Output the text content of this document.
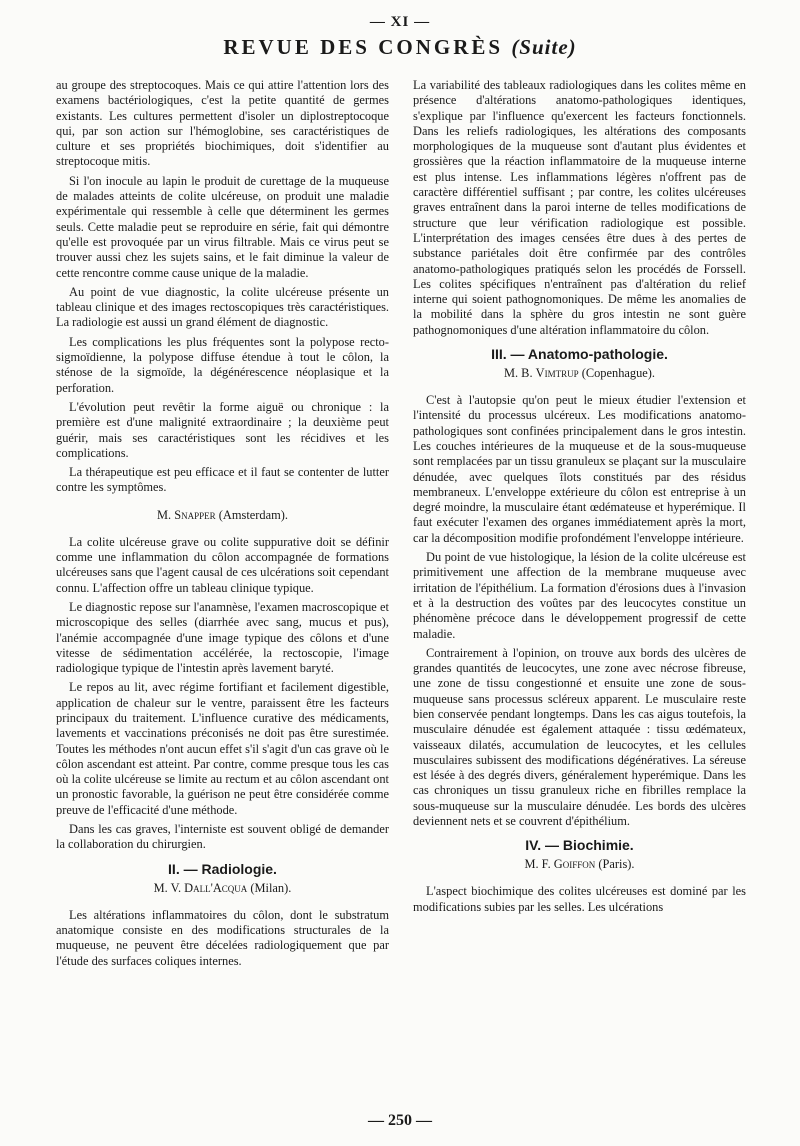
— XI —
REVUE DES CONGRÈS (Suite)

au groupe des streptocoques. Mais ce qui attire l'attention lors des examens bactériologiques, c'est la petite quantité de germes existants. Les cultures permettent d'isoler un diplostreptocoque qui, par son action sur l'hémoglobine, ses caractéristiques de culture et ses propriétés biochimiques, doit s'identifier au streptocoque mitis.

Si l'on inocule au lapin le produit de curettage de la muqueuse de malades atteints de colite ulcéreuse, on produit une maladie expérimentale qui ressemble à celle que déterminent les germes seuls. Cette maladie peut se reproduire en série, fait qui démontre qu'elle est provoquée par un virus filtrable. Mais ce virus peut se trouver aussi chez les sujets sains, et le fait diminue la valeur de cette rencontre comme cause unique de la maladie.

Au point de vue diagnostic, la colite ulcéreuse présente un tableau clinique et des images rectoscopiques très caractéristiques. La radiologie est aussi un grand élément de diagnostic.

Les complications les plus fréquentes sont la polypose recto-sigmoïdienne, la polypose diffuse étendue à tout le côlon, la sténose de la sigmoïde, la dégénérescence néoplasique et la perforation.

L'évolution peut revêtir la forme aiguë ou chronique : la première est d'une malignité extraordinaire ; la deuxième peut guérir, mais ses caractéristiques sont les récidives et les complications.

La thérapeutique est peu efficace et il faut se contenter de lutter contre les symptômes.

M. Snapper (Amsterdam).

La colite ulcéreuse grave ou colite suppurative doit se définir comme une inflammation du côlon accompagnée de formations ulcéreuses sans que l'agent causal de ces ulcérations soit cependant connu. L'affection offre un tableau clinique typique.

Le diagnostic repose sur l'anamnèse, l'examen macroscopique et microscopique des selles (diarrhée avec sang, mucus et pus), l'anémie accompagnée d'une image typique des côlons et d'une vitesse de sédimentation accélérée, la rectoscopie, l'image radiologique typique de l'intestin après lavement baryté.

Le repos au lit, avec régime fortifiant et facilement digestible, application de chaleur sur le ventre, paraissent être les facteurs principaux du traitement. L'influence curative des médicaments, lavements et vaccinations préconisés ne doit pas être surestimée. Toutes les méthodes n'ont aucun effet s'il s'agit d'un cas grave où le côlon ascendant est atteint. Par contre, comme presque tous les cas où la colite ulcéreuse se limite au rectum et au côlon ascendant ont un pronostic favorable, la guérison ne peut être considérée comme preuve de l'efficacité d'une méthode.

Dans les cas graves, l'interniste est souvent obligé de demander la collaboration du chirurgien.

II. — Radiologie.
M. V. Dall'Acqua (Milan).

Les altérations inflammatoires du côlon, dont le substratum anatomique consiste en des modifications structurales de la muqueuse, ne peuvent être décelées radiologiquement que par l'étude des surfaces coliques internes.

La variabilité des tableaux radiologiques dans les colites même en présence d'altérations anatomo-pathologiques identiques, s'explique par l'influence qu'exercent les facteurs fonctionnels. Dans les reliefs radiologiques, les altérations des composants morphologiques de la muqueuse sont d'autant plus évidentes et grossières que la réaction inflammatoire de la muqueuse interne est plus intense. Les inflammations légères n'offrent pas de caractère différentiel suffisant ; par contre, les colites ulcéreuses graves entraînent dans la paroi interne de telles modifications de structure que leur vérification radiologique est possible. L'interprétation des images censées être dues à des pertes de substance pariétales doit être confirmée par des contrôles anatomo-pathologiques pratiqués selon les procédés de Forssell. Les colites spécifiques n'entraînent pas d'altération du relief interne qui soient pathognomoniques. De même les anomalies de la mobilité dans la sphère du gros intestin ne sont guère pathognomoniques d'une altération inflammatoire du côlon.

III. — Anatomo-pathologie.
M. B. Vimtrup (Copenhague).

C'est à l'autopsie qu'on peut le mieux étudier l'extension et l'intensité du processus ulcéreux. Les modifications anatomo-pathologiques sont confinées principalement dans le gros intestin. Les couches intérieures de la muqueuse et de la sous-muqueuse sont remplacées par un tissu granuleux se plaçant sur la musculaire dénudée, avec quelques îlots constitués par des résidus membraneux. L'enveloppe extérieure du côlon est entreprise à un degré moindre, la musculaire étant œdémateuse et hyperémique. Il faut exécuter l'examen des organes immédiatement après la mort, car la décomposition modifie profondément l'enveloppe intérieure.

Du point de vue histologique, la lésion de la colite ulcéreuse est primitivement une affection de la membrane muqueuse avec irritation de l'épithélium. La formation d'érosions dues à l'invasion et à la destruction des voûtes par des leucocytes constitue un phénomène précoce dans le développement progressif de cette maladie.

Contrairement à l'opinion, on trouve aux bords des ulcères de grandes quantités de leucocytes, une zone avec nécrose fibreuse, une zone de tissu congestionné et ensuite une zone de sous-muqueuse sans processus scléreux apparent. Le musculaire reste bien conservée pendant longtemps. Dans les cas aigus toutefois, la musculaire dénudée est également attaquée : tissu œdémateux, vaisseaux dilatés, accumulation de leucocytes, et les cellules musculaires subissent des modifications dégénératives. La séreuse est lésée à des degrés divers, généralement hyperémique. Dans les cas chroniques un tissu granuleux riche en fibrilles remplace la sous-muqueuse sur la musculaire dénudée. Les bords des ulcères deviennent nets et se couvrent d'épithélium.

IV. — Biochimie.
M. F. Goiffon (Paris).

L'aspect biochimique des colites ulcéreuses est dominé par les modifications subies par les selles. Les ulcérations

— 250 —
